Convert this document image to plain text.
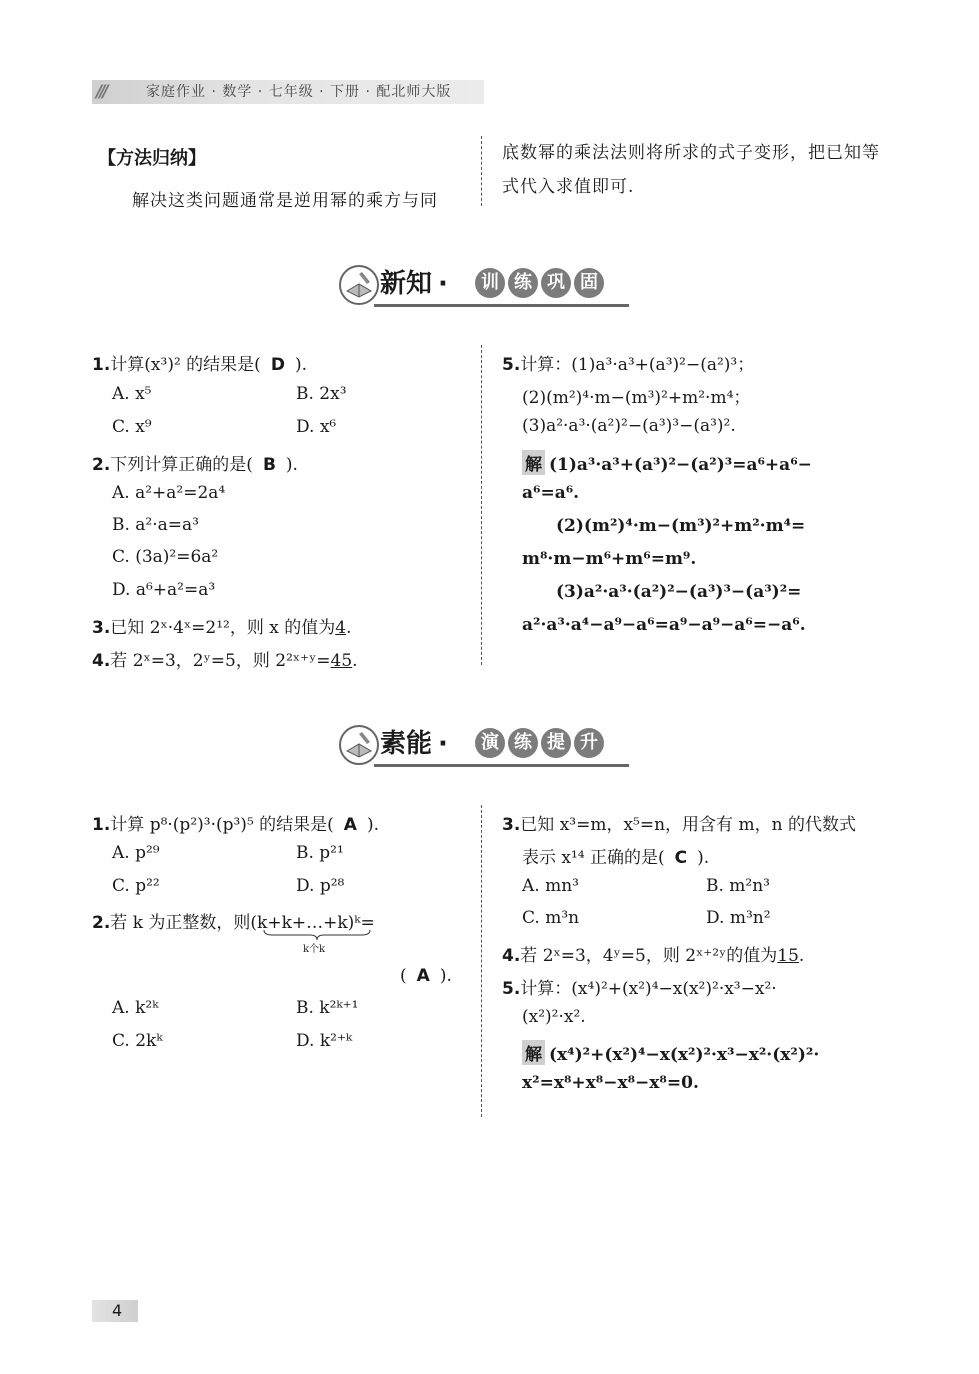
///	家庭作业 · 数学 · 七年级 · 下册 · 配北师大版
【方法归纳】
解决这类问题通常是逆用幂的乘方与同
底数幂的乘法法则将所求的式子变形，把已知等式代入求值即可.
新知 ·	训 练 巩 固
1.计算(x³)² 的结果是( D ).
A. x⁵	B. 2x³
C. x⁹	D. x⁶
2.下列计算正确的是( B ).
A. a²+a²=2a⁴
B. a²·a=a³
C. (3a)²=6a²
D. a⁶+a²=a³
3.已知 2ˣ·4ˣ=2¹²，则 x 的值为4.
4.若 2ˣ=3，2ʸ=5，则 2²ˣ⁺ʸ=45.
5.计算：(1)a³·a³+(a³)²−(a²)³；
(2)(m²)⁴·m−(m³)²+m²·m⁴；
(3)a²·a³·(a²)²−(a³)³−(a³)².
解 (1)a³·a³+(a³)²−(a²)³=a⁶+a⁶−
a⁶=a⁶.
(2)(m²)⁴·m−(m³)²+m²·m⁴=
m⁸·m−m⁶+m⁶=m⁹.
(3)a²·a³·(a²)²−(a³)³−(a³)²=
a²·a³·a⁴−a⁹−a⁶=a⁹−a⁹−a⁶=−a⁶.
素能 ·	演 练 提 升
1.计算 p⁸·(p²)³·(p³)⁵ 的结果是( A ).
A. p²⁹	B. p²¹
C. p²²	D. p²⁸
2.若 k 为正整数，则(k+k+…+k)ᵏ=
k个k
( A ).
A. k²ᵏ	B. k²ᵏ⁺¹
C. 2kᵏ	D. k²⁺ᵏ
3.已知 x³=m，x⁵=n，用含有 m，n 的代数式
表示 x¹⁴ 正确的是( C ).
A. mn³	B. m²n³
C. m³n	D. m³n²
4.若 2ˣ=3，4ʸ=5，则 2ˣ⁺²ʸ的值为15.
5.计算：(x⁴)²+(x²)⁴−x(x²)²·x³−x²·
(x²)²·x².
解 (x⁴)²+(x²)⁴−x(x²)²·x³−x²·(x²)²·
x²=x⁸+x⁸−x⁸−x⁸=0.
4
